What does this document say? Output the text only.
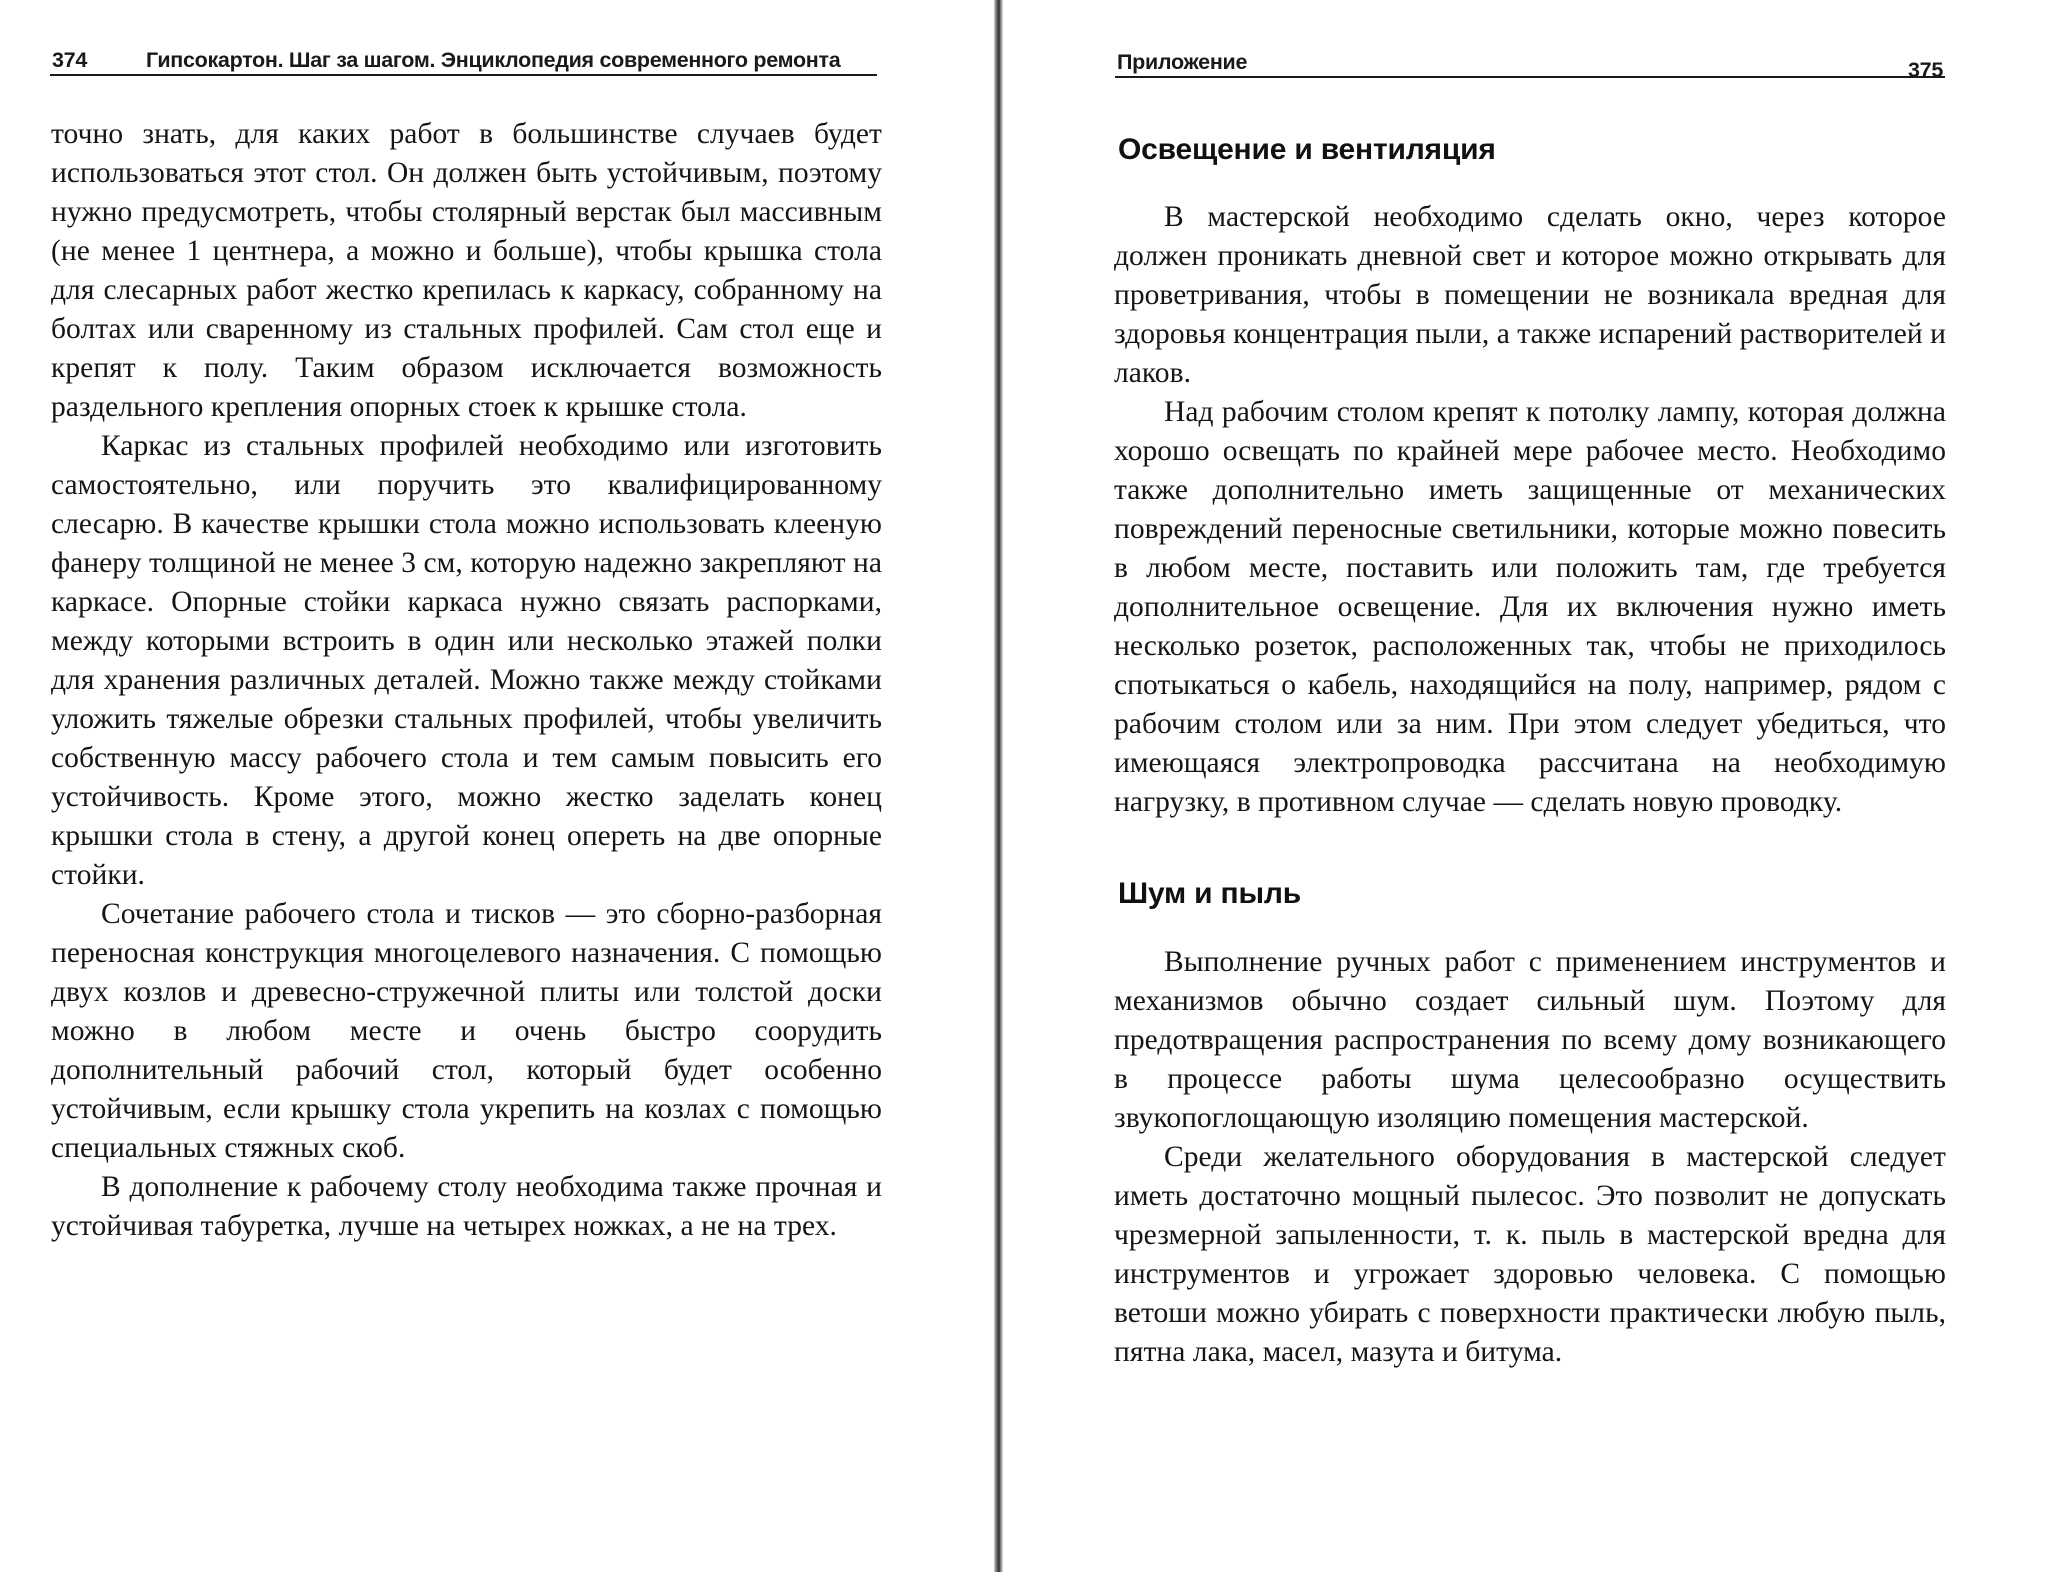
374	Гипсокартон. Шаг за шагом. Энциклопедия современного ремонта

точно знать, для каких работ в большинстве случаев будет использоваться этот стол. Он должен быть устойчивым, поэтому нужно предусмотреть, чтобы столярный верстак был массивным (не менее 1 центнера, а можно и больше), чтобы крышка стола для слесарных работ жестко крепилась к каркасу, собранному на болтах или сваренному из стальных профилей. Сам стол еще и крепят к полу. Таким образом исключается возможность раздельного крепления опорных стоек к крышке стола.

Каркас из стальных профилей необходимо или изготовить самостоятельно, или поручить это квалифицированному слесарю. В качестве крышки стола можно использовать клееную фанеру толщиной не менее 3 см, которую надежно закрепляют на каркасе. Опорные стойки каркаса нужно связать распорками, между которыми встроить в один или несколько этажей полки для хранения различных деталей. Можно также между стойками уложить тяжелые обрезки стальных профилей, чтобы увеличить собственную массу рабочего стола и тем самым повысить его устойчивость. Кроме этого, можно жестко заделать конец крышки стола в стену, а другой конец опереть на две опорные стойки.

Сочетание рабочего стола и тисков — это сборно-разборная переносная конструкция многоцелевого назначения. С помощью двух козлов и древесно-стружечной плиты или толстой доски можно в любом месте и очень быстро соорудить дополнительный рабочий стол, который будет особенно устойчивым, если крышку стола укрепить на козлах с помощью специальных стяжных скоб.

В дополнение к рабочему столу необходима также прочная и устойчивая табуретка, лучше на четырех ножках, а не на трех.

Приложение	375
Освещение и вентиляция

В мастерской необходимо сделать окно, через которое должен проникать дневной свет и которое можно открывать для проветривания, чтобы в помещении не возникала вредная для здоровья концентрация пыли, а также испарений растворителей и лаков.

Над рабочим столом крепят к потолку лампу, которая должна хорошо освещать по крайней мере рабочее место. Необходимо также дополнительно иметь защищенные от механических повреждений переносные светильники, которые можно повесить в любом месте, поставить или положить там, где требуется дополнительное освещение. Для их включения нужно иметь несколько розеток, расположенных так, чтобы не приходилось спотыкаться о кабель, находящийся на полу, например, рядом с рабочим столом или за ним. При этом следует убедиться, что имеющаяся электропроводка рассчитана на необходимую нагрузку, в противном случае — сделать новую проводку.

Шум и пыль

Выполнение ручных работ с применением инструментов и механизмов обычно создает сильный шум. Поэтому для предотвращения распространения по всему дому возникающего в процессе работы шума целесообразно осуществить звукопоглощающую изоляцию помещения мастерской.

Среди желательного оборудования в мастерской следует иметь достаточно мощный пылесос. Это позволит не допускать чрезмерной запыленности, т. к. пыль в мастерской вредна для инструментов и угрожает здоровью человека. С помощью ветоши можно убирать с поверхности практически любую пыль, пятна лака, масел, мазута и битума.
